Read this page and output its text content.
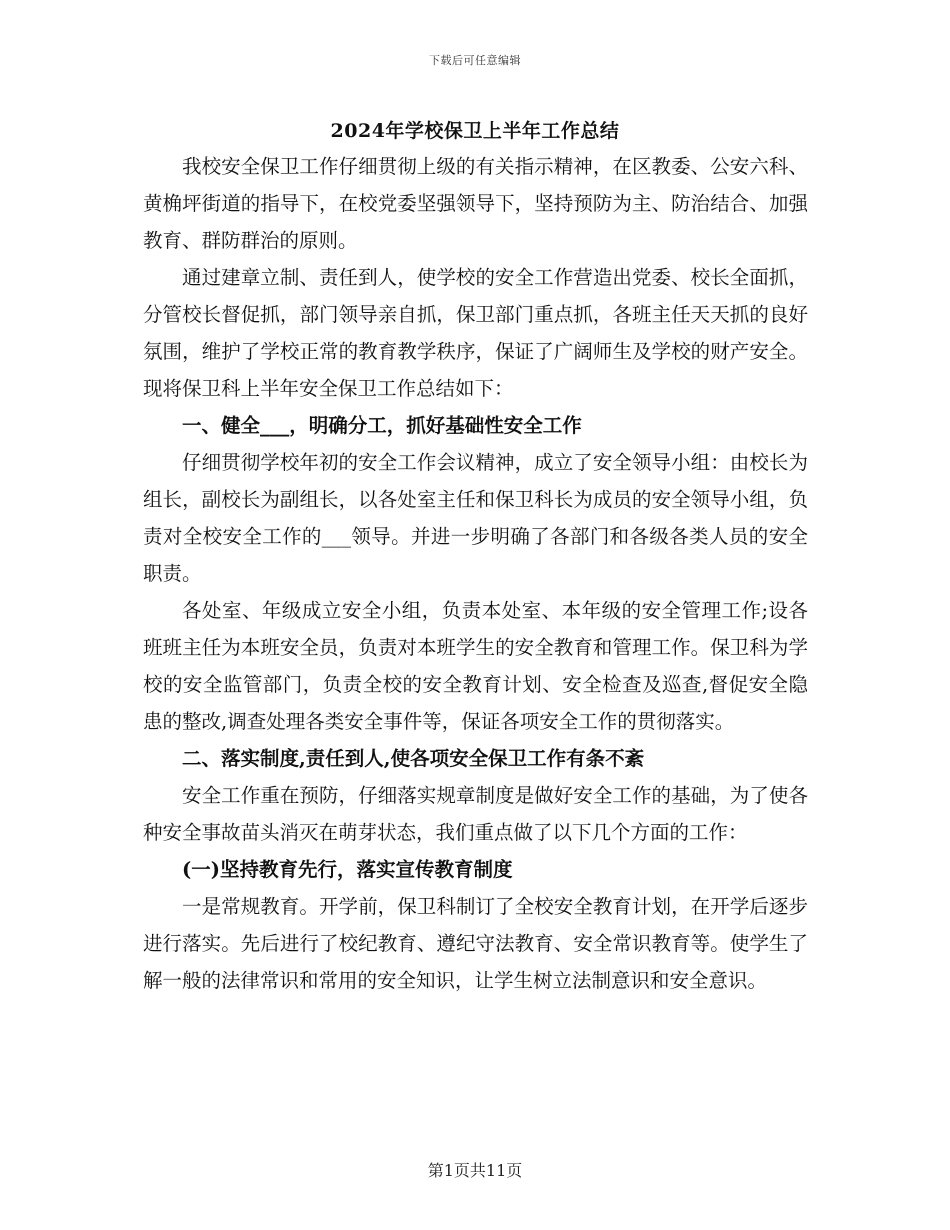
下载后可任意编辑
2024年学校保卫上半年工作总结

我校安全保卫工作仔细贯彻上级的有关指示精神，在区教委、公安六科、黄桷坪街道的指导下，在校党委坚强领导下，坚持预防为主、防治结合、加强教育、群防群治的原则。

通过建章立制、责任到人，使学校的安全工作营造出党委、校长全面抓，分管校长督促抓，部门领导亲自抓，保卫部门重点抓，各班主任天天抓的良好氛围，维护了学校正常的教育教学秩序，保证了广阔师生及学校的财产安全。现将保卫科上半年安全保卫工作总结如下：

一、健全___，明确分工，抓好基础性安全工作

仔细贯彻学校年初的安全工作会议精神，成立了安全领导小组：由校长为组长，副校长为副组长，以各处室主任和保卫科长为成员的安全领导小组，负责对全校安全工作的___领导。并进一步明确了各部门和各级各类人员的安全职责。

各处室、年级成立安全小组，负责本处室、本年级的安全管理工作;设各班班主任为本班安全员，负责对本班学生的安全教育和管理工作。保卫科为学校的安全监管部门，负责全校的安全教育计划、安全检查及巡查,督促安全隐患的整改,调查处理各类安全事件等，保证各项安全工作的贯彻落实。

二、落实制度,责任到人,使各项安全保卫工作有条不紊

安全工作重在预防，仔细落实规章制度是做好安全工作的基础，为了使各种安全事故苗头消灭在萌芽状态，我们重点做了以下几个方面的工作：

(一)坚持教育先行，落实宣传教育制度

一是常规教育。开学前，保卫科制订了全校安全教育计划，在开学后逐步进行落实。先后进行了校纪教育、遵纪守法教育、安全常识教育等。使学生了解一般的法律常识和常用的安全知识，让学生树立法制意识和安全意识。

第1页共11页
